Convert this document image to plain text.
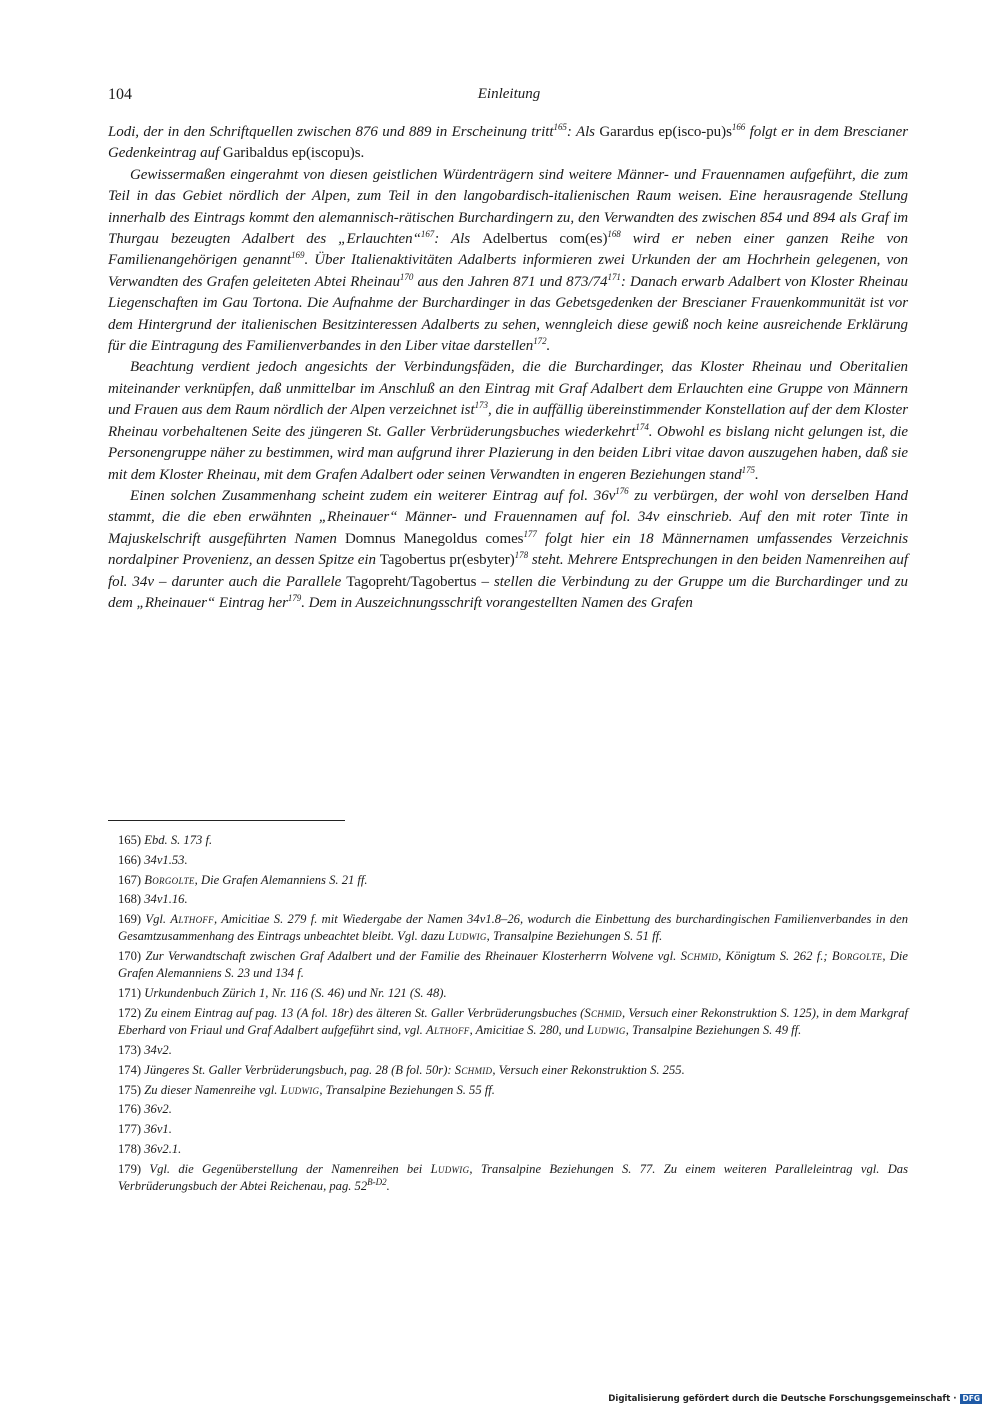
104	Einleitung

Lodi, der in den Schriftquellen zwischen 876 und 889 in Erscheinung tritt$^{165}$: Als Garardus $ep(isco-pu)s^{166}$ folgt er in dem Brescianer Gedenkeintrag auf Garibaldus ep(iscopu)s.

Gewissermaßen eingerahmt von diesen geistlichen Würdenträgern sind weitere Männer- und Frauennamen aufgeführt, die zum Teil in das Gebiet nördlich der Alpen, zum Teil in den langobardisch-italienischen Raum weisen. Eine herausragende Stellung innerhalb des Eintrags kommt den alemannisch-rätischen Burchardingern zu, den Verwandten des zwischen 854 und 894 als Graf im Thurgau bezeugten Adalbert des „Erlauchten“$^{167}$: Als Adelbertus com(es)$^{168}$ wird er neben einer ganzen Reihe von Familienangehörigen genannt$^{169}$. Über Italienaktivitäten Adalberts informieren zwei Urkunden der am Hochrhein gelegenen, von Verwandten des Grafen geleiteten Abtei Rheinau$^{170}$ aus den Jahren 871 und $873/74^{171}$: Danach erwarb Adalbert von Kloster Rheinau Liegenschaften im Gau Tortona. Die Aufnahme der Burchardinger in das Gebetsgedenken der Brescianer Frauenkommunität ist vor dem Hintergrund der italienischen Besitzinteressen Adalberts zu sehen, wenngleich diese gewiß noch keine ausreichende Erklärung für die Eintragung des Familienverbandes in den Liber vitae darstellen$^{172}$.

Beachtung verdient jedoch angesichts der Verbindungsfäden, die die Burchardinger, das Kloster Rheinau und Oberitalien miteinander verknüpfen, daß unmittelbar im Anschluß an den Eintrag mit Graf Adalbert dem Erlauchten eine Gruppe von Männern und Frauen aus dem Raum nördlich der Alpen verzeichnet ist$^{173}$, die in auffällig übereinstimmender Konstellation auf der dem Kloster Rheinau vorbehaltenen Seite des jüngeren St. Galler Verbrüderungsbuches wiederkehrt$^{174}$. Obwohl es bislang nicht gelungen ist, die Personengruppe näher zu bestimmen, wird man aufgrund ihrer Plazierung in den beiden Libri vitae davon auszugehen haben, daß sie mit dem Kloster Rheinau, mit dem Grafen Adalbert oder seinen Verwandten in engeren Beziehungen stand$^{175}$.

Einen solchen Zusammenhang scheint zudem ein weiterer Eintrag auf fol. $36v^{176}$ zu verbürgen, der wohl von derselben Hand stammt, die die eben erwähnten „Rheinauer“ Männer- und Frauennamen auf fol. 34v einschrieb. Auf den mit roter Tinte in Majuskelschrift ausgeführten Namen Domnus Manegoldus comes$^{177}$ folgt hier ein 18 Männernamen umfassendes Verzeichnis nordalpiner Provenienz, an dessen Spitze ein Tagobertus pr(esbyter)$^{178}$ steht. Mehrere Entsprechungen in den beiden Namenreihen auf fol. 34v – darunter auch die Parallele Tagopreht/Tagobertus – stellen die Verbindung zu der Gruppe um die Burchardinger und zu dem „Rheinauer“ Eintrag her$^{179}$. Dem in Auszeichnungsschrift vorangestellten Namen des Grafen

165) Ebd. S. 173 f.

166) 34v1.53.

167) Borgolte, Die Grafen Alemanniens S. 21 ff.

168) 34v1.16.

169) Vgl. Althoff, Amicitiae S. 279 f. mit Wiedergabe der Namen 34v1.8–26, wodurch die Einbettung des burchardingischen Familienverbandes in den Gesamtzusammenhang des Eintrags unbeachtet bleibt. Vgl. dazu Ludwig, Transalpine Beziehungen S. 51 ff.

170) Zur Verwandtschaft zwischen Graf Adalbert und der Familie des Rheinauer Klosterherrn Wolvene vgl. Schmid, Königtum S. 262 f.; Borgolte, Die Grafen Alemanniens S. 23 und 134 f.

171) Urkundenbuch Zürich 1, Nr. 116 (S. 46) und Nr. 121 (S. 48).

172) Zu einem Eintrag auf pag. 13 (A fol. 18r) des älteren St. Galler Verbrüderungsbuches (Schmid, Versuch einer Rekonstruktion S. 125), in dem Markgraf Eberhard von Friaul und Graf Adalbert aufgeführt sind, vgl. Althoff, Amicitiae S. 280, und Ludwig, Transalpine Beziehungen S. 49 ff.

173) 34v2.

174) Jüngeres St. Galler Verbrüderungsbuch, pag. 28 (B fol. 50r): Schmid, Versuch einer Rekonstruktion S. 255.

175) Zu dieser Namenreihe vgl. Ludwig, Transalpine Beziehungen S. 55 ff.

176) 36v2.

177) 36v1.

178) 36v2.1.

179) Vgl. die Gegenüberstellung der Namenreihen bei Ludwig, Transalpine Beziehungen S. 77. Zu einem weiteren Paralleleintrag vgl. Das Verbrüderungsbuch der Abtei Reichenau, pag. $52^{B-D2}$.

Digitalisierung gefördert durch die Deutsche Forschungsgemeinschaft · DFG
